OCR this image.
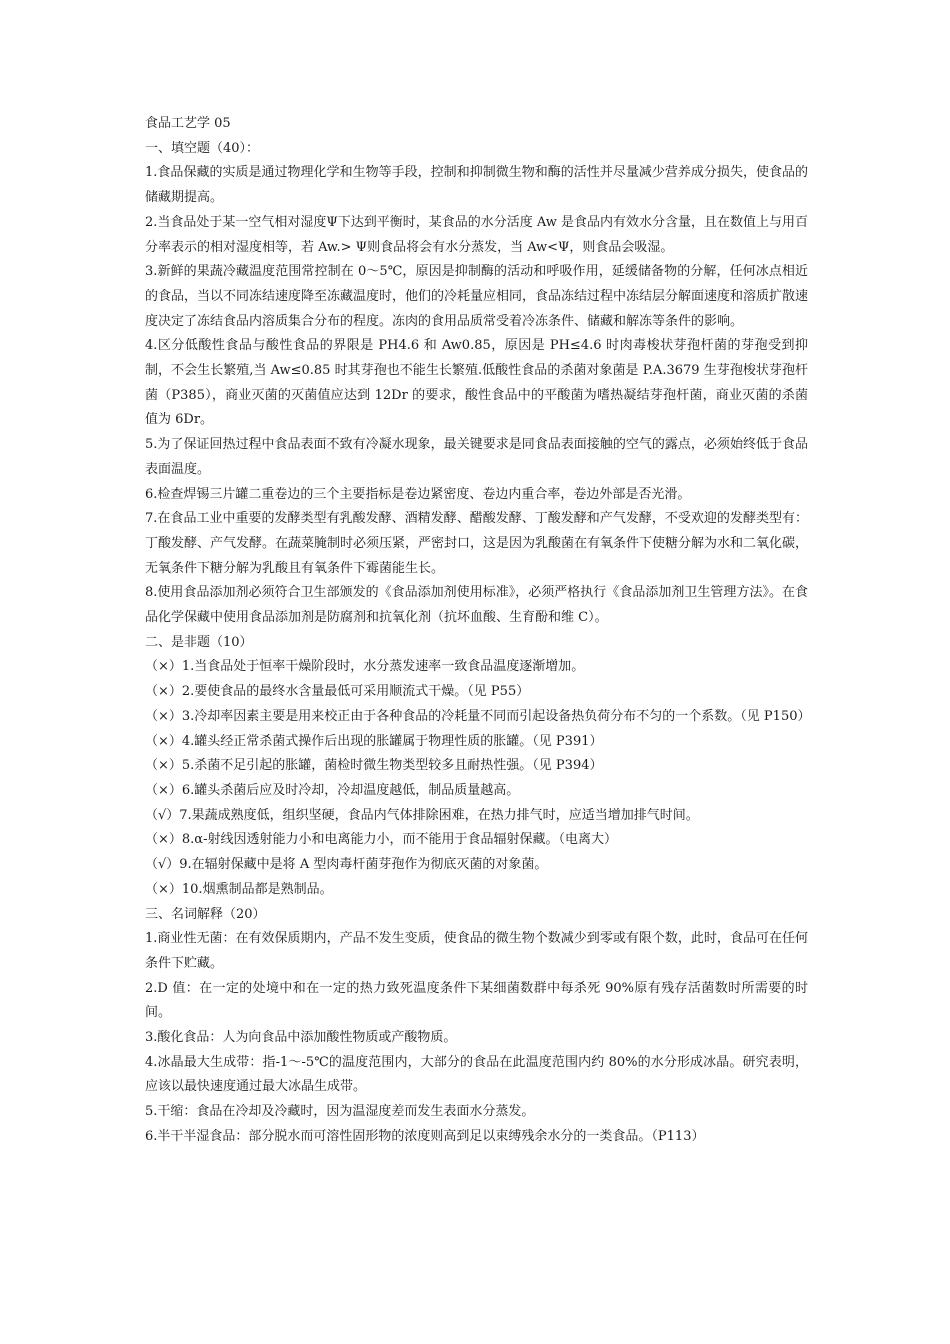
食品工艺学 05

一、填空题（40）：

1.食品保藏的实质是通过物理化学和生物等手段，控制和抑制微生物和酶的活性并尽量减少营养成分损失，使食品的储藏期提高。

2.当食品处于某一空气相对湿度Ψ下达到平衡时，某食品的水分活度 Aw 是食品内有效水分含量，且在数值上与用百分率表示的相对湿度相等，若 Aw.> Ψ则食品将会有水分蒸发，当 Aw<Ψ，则食品会吸湿。

3.新鲜的果蔬冷藏温度范围常控制在 0～5℃，原因是抑制酶的活动和呼吸作用，延缓储备物的分解，任何冰点相近的食品，当以不同冻结速度降至冻藏温度时，他们的冷耗量应相同，食品冻结过程中冻结层分解面速度和溶质扩散速度决定了冻结食品内溶质集合分布的程度。冻肉的食用品质常受着冷冻条件、储藏和解冻等条件的影响。

4.区分低酸性食品与酸性食品的界限是 PH4.6 和 Aw0.85，原因是 PH≤4.6 时肉毒梭状芽孢杆菌的芽孢受到抑制，不会生长繁殖,当 Aw≤0.85 时其芽孢也不能生长繁殖.低酸性食品的杀菌对象菌是 P.A.3679 生芽孢梭状芽孢杆菌（P385），商业灭菌的灭菌值应达到 12Dr 的要求，酸性食品中的平酸菌为嗜热凝结芽孢杆菌，商业灭菌的杀菌值为 6Dr。

5.为了保证回热过程中食品表面不致有冷凝水现象，最关键要求是同食品表面接触的空气的露点，必须始终低于食品表面温度。

6.检查焊锡三片罐二重卷边的三个主要指标是卷边紧密度、卷边内重合率，卷边外部是否光滑。

7.在食品工业中重要的发酵类型有乳酸发酵、酒精发酵、醋酸发酵、丁酸发酵和产气发酵，不受欢迎的发酵类型有：丁酸发酵、产气发酵。在蔬菜腌制时必须压紧，严密封口，这是因为乳酸菌在有氧条件下使糖分解为水和二氧化碳，无氧条件下糖分解为乳酸且有氧条件下霉菌能生长。

8.使用食品添加剂必须符合卫生部颁发的《食品添加剂使用标准》，必须严格执行《食品添加剂卫生管理方法》。在食品化学保藏中使用食品添加剂是防腐剂和抗氧化剂（抗坏血酸、生育酚和维 C）。

二、是非题（10）

（×）1.当食品处于恒率干燥阶段时，水分蒸发速率一致食品温度逐渐增加。

（×）2.要使食品的最终水含量最低可采用顺流式干燥。（见 P55）

（×）3.冷却率因素主要是用来校正由于各种食品的冷耗量不同而引起设备热负荷分布不匀的一个系数。（见 P150）

（×）4.罐头经正常杀菌式操作后出现的胀罐属于物理性质的胀罐。（见 P391）

（×）5.杀菌不足引起的胀罐，菌检时微生物类型较多且耐热性强。（见 P394）

（×）6.罐头杀菌后应及时冷却，冷却温度越低，制品质量越高。

（√）7.果蔬成熟度低，组织坚硬，食品内气体排除困难，在热力排气时，应适当增加排气时间。

（×）8.α-射线因透射能力小和电离能力小，而不能用于食品辐射保藏。（电离大）

（√）9.在辐射保藏中是将 A 型肉毒杆菌芽孢作为彻底灭菌的对象菌。

（×）10.烟熏制品都是熟制品。

三、名词解释（20）

1.商业性无菌：在有效保质期内，产品不发生变质，使食品的微生物个数减少到零或有限个数，此时，食品可在任何条件下贮藏。

2.D 值：在一定的处境中和在一定的热力致死温度条件下某细菌数群中每杀死 90%原有残存活菌数时所需要的时间。

3.酸化食品：人为向食品中添加酸性物质或产酸物质。

4.冰晶最大生成带：指-1～-5℃的温度范围内，大部分的食品在此温度范围内约 80%的水分形成冰晶。研究表明，应该以最快速度通过最大冰晶生成带。

5.干缩：食品在冷却及冷藏时，因为温湿度差而发生表面水分蒸发。

6.半干半湿食品：部分脱水而可溶性固形物的浓度则高到足以束缚残余水分的一类食品。（P113）
